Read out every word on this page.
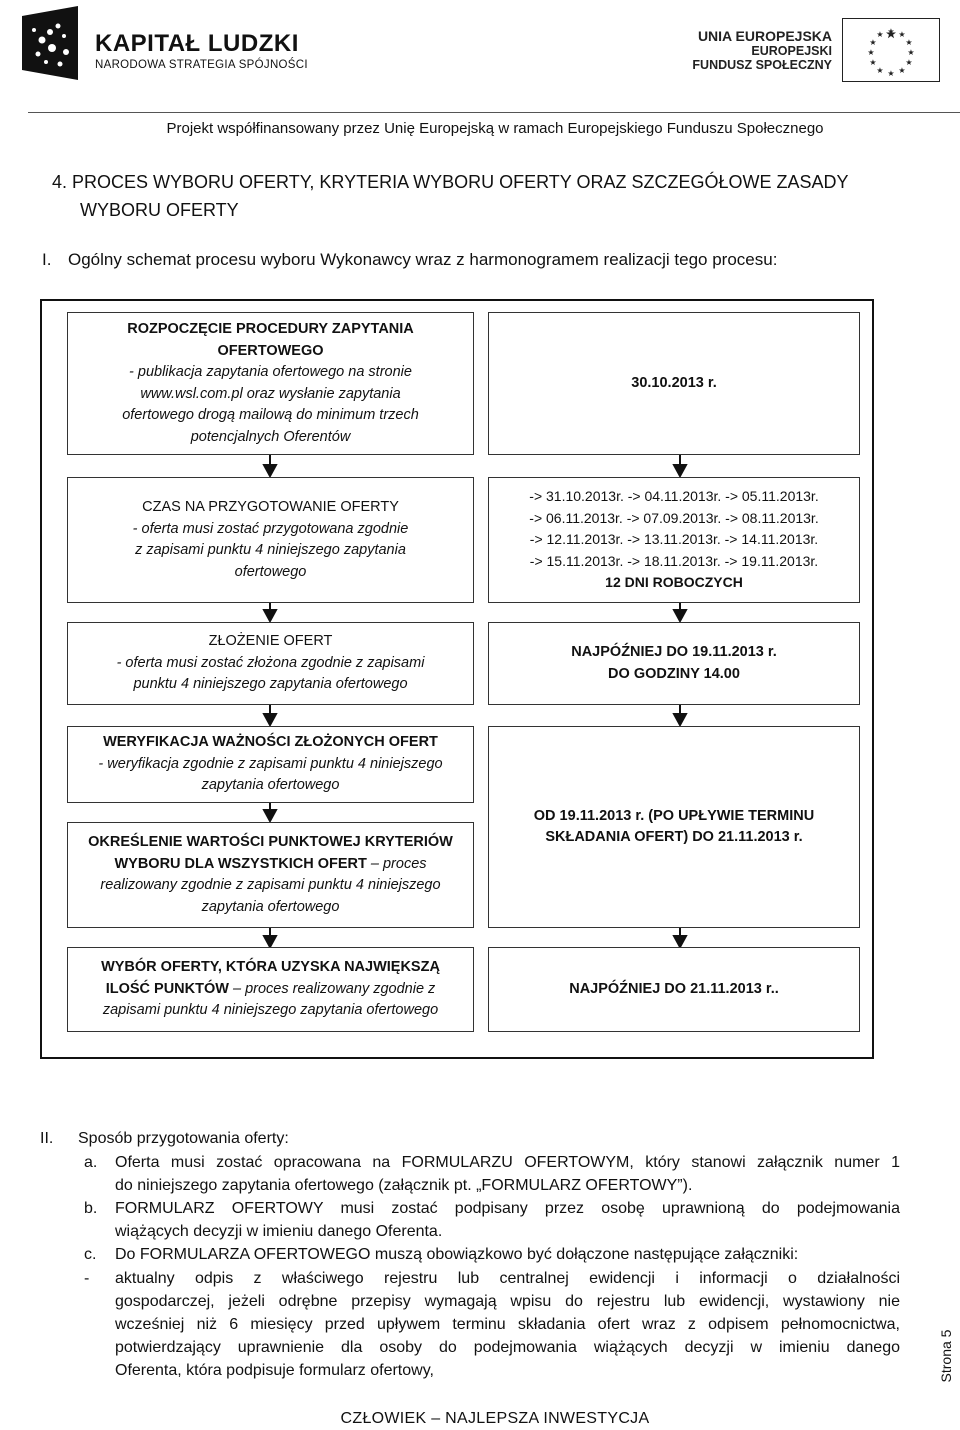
KAPITAŁ LUDZKI
NARODOWA STRATEGIA SPÓJNOŚCI
UNIA EUROPEJSKA
EUROPEJSKI
FUNDUSZ SPOŁECZNY
★ ★
★
★
★
★
★
★
★
★
★
★
Projekt współfinansowany przez Unię Europejską w ramach Europejskiego Funduszu Społecznego
4. PROCES WYBORU OFERTY, KRYTERIA WYBORU OFERTY ORAZ SZCZEGÓŁOWE ZASADY
WYBORU OFERTY
I. Ogólny schemat procesu wyboru Wykonawcy wraz z harmonogramem realizacji tego procesu:
ROZPOCZĘCIE PROCEDURY ZAPYTANIA
OFERTOWEGO
- publikacja zapytania ofertowego na stronie
www.wsl.com.pl oraz wysłanie zapytania
ofertowego drogą mailową do minimum trzech
potencjalnych Oferentów
30.10.2013 r.
CZAS NA PRZYGOTOWANIE OFERTY
- oferta musi zostać przygotowana zgodnie
z zapisami punktu 4 niniejszego zapytania
ofertowego
-> 31.10.2013r. -> 04.11.2013r. -> 05.11.2013r.
-> 06.11.2013r. -> 07.09.2013r. -> 08.11.2013r.
-> 12.11.2013r. -> 13.11.2013r. -> 14.11.2013r.
-> 15.11.2013r. -> 18.11.2013r. -> 19.11.2013r.
12 DNI ROBOCZYCH
ZŁOŻENIE OFERT
- oferta musi zostać złożona zgodnie z zapisami
punktu 4 niniejszego zapytania ofertowego
NAJPÓŹNIEJ DO 19.11.2013 r.
DO GODZINY 14.00
WERYFIKACJA WAŻNOŚCI ZŁOŻONYCH OFERT
- weryfikacja zgodnie z zapisami punktu 4 niniejszego
zapytania ofertowego
OKREŚLENIE WARTOŚCI PUNKTOWEJ KRYTERIÓW
WYBORU DLA WSZYSTKICH OFERT – proces
realizowany zgodnie z zapisami punktu 4 niniejszego
zapytania ofertowego
OD 19.11.2013 r. (PO UPŁYWIE TERMINU
SKŁADANIA OFERT) DO 21.11.2013 r.
WYBÓR OFERTY, KTÓRA UZYSKA NAJWIĘKSZĄ
ILOŚĆ PUNKTÓW – proces realizowany zgodnie z
zapisami punktu 4 niniejszego zapytania ofertowego
NAJPÓŹNIEJ DO 21.11.2013 r..
II. Sposób przygotowania oferty:
a. Oferta musi zostać opracowana na FORMULARZU OFERTOWYM, który stanowi załącznik numer 1
do niniejszego zapytania ofertowego (załącznik pt. „FORMULARZ OFERTOWY”).
b. FORMULARZ OFERTOWY musi zostać podpisany przez osobę uprawnioną do podejmowania
wiążących decyzji w imieniu danego Oferenta.
c. Do FORMULARZA OFERTOWEGO muszą obowiązkowo być dołączone następujące załączniki:
- aktualny odpis z właściwego rejestru lub centralnej ewidencji i informacji o działalności
gospodarczej, jeżeli odrębne przepisy wymagają wpisu do rejestru lub ewidencji, wystawiony nie
wcześniej niż 6 miesięcy przed upływem terminu składania ofert wraz z odpisem pełnomocnictwa,
potwierdzający uprawnienie dla osoby do podejmowania wiążących decyzji w imieniu danego
Oferenta, która podpisuje formularz ofertowy,	Strona 5
CZŁOWIEK – NAJLEPSZA INWESTYCJA
